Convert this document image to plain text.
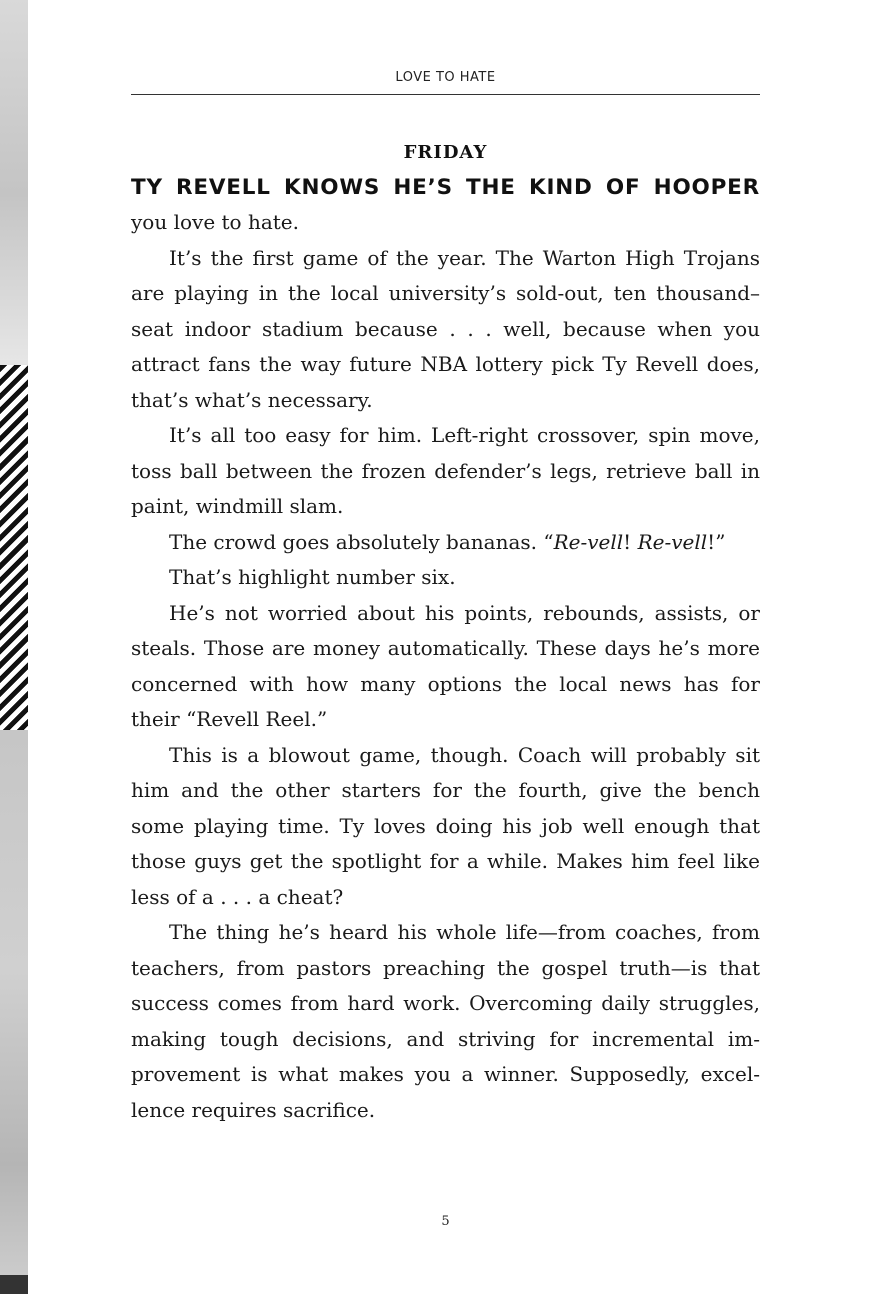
LOVE TO HATE
FRIDAY

TY REVELL KNOWS HE’S THE KIND OF HOOPER
you love to hate.

It’s the first game of the year. The Warton High Trojans are playing in the local university’s sold-out, ten thousand–seat indoor stadium because . . . well, because when you attract fans the way future NBA lottery pick Ty Revell does, that’s what’s necessary.

It’s all too easy for him. Left-right crossover, spin move, toss ball between the frozen defender’s legs, retrieve ball in paint, windmill slam.

The crowd goes absolutely bananas. “Re-vell! Re-vell!”

That’s highlight number six.

He’s not worried about his points, rebounds, assists, or steals. Those are money automatically. These days he’s more concerned with how many options the local news has for their “Revell Reel.”

This is a blowout game, though. Coach will probably sit him and the other starters for the fourth, give the bench some playing time. Ty loves doing his job well enough that those guys get the spotlight for a while. Makes him feel like less of a . . . a cheat?

The thing he’s heard his whole life—from coaches, from teachers, from pastors preaching the gospel truth—is that success comes from hard work. Overcoming daily struggles, making tough decisions, and striving for incremental improvement is what makes you a winner. Supposedly, excellence requires sacrifice.

5
